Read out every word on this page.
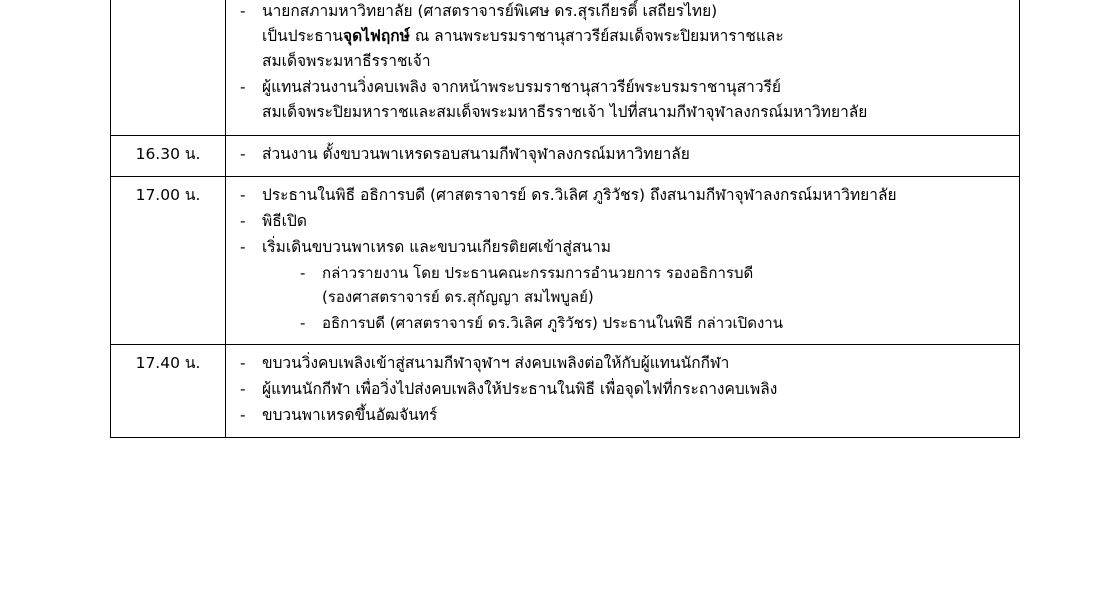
- นายกสภามหาวิทยาลัย (ศาสตราจารย์พิเศษ ดร.สุรเกียรติ์ เสถียรไทย)
เป็นประธานจุดไฟฤกษ์ ณ ลานพระบรมราชานุสาวรีย์สมเด็จพระปิยมหาราชและ
สมเด็จพระมหาธีรราชเจ้า
- ผู้แทนส่วนงานวิ่งคบเพลิง จากหน้าพระบรมราชานุสาวรีย์พระบรมราชานุสาวรีย์
สมเด็จพระปิยมหาราชและสมเด็จพระมหาธีรราชเจ้า ไปที่สนามกีฬาจุฬาลงกรณ์มหาวิทยาลัย

16.30 น.	- ส่วนงาน ตั้งขบวนพาเหรดรอบสนามกีฬาจุฬาลงกรณ์มหาวิทยาลัย

17.00 น.	- ประธานในพิธี อธิการบดี (ศาสตราจารย์ ดร.วิเลิศ ภูริวัชร) ถึงสนามกีฬาจุฬาลงกรณ์มหาวิทยาลัย
- พิธีเปิด
- เริ่มเดินขบวนพาเหรด และขบวนเกียรติยศเข้าสู่สนาม
- กล่าวรายงาน โดย ประธานคณะกรรมการอำนวยการ รองอธิการบดี
(รองศาสตราจารย์ ดร.สุกัญญา สมไพบูลย์)
- อธิการบดี (ศาสตราจารย์ ดร.วิเลิศ ภูริวัชร) ประธานในพิธี กล่าวเปิดงาน

17.40 น.	- ขบวนวิ่งคบเพลิงเข้าสู่สนามกีฬาจุฬาฯ ส่งคบเพลิงต่อให้กับผู้แทนนักกีฬา
- ผู้แทนนักกีฬา เพื่อวิ่งไปส่งคบเพลิงให้ประธานในพิธี เพื่อจุดไฟที่กระถางคบเพลิง
- ขบวนพาเหรดขึ้นอัฒจันทร์
